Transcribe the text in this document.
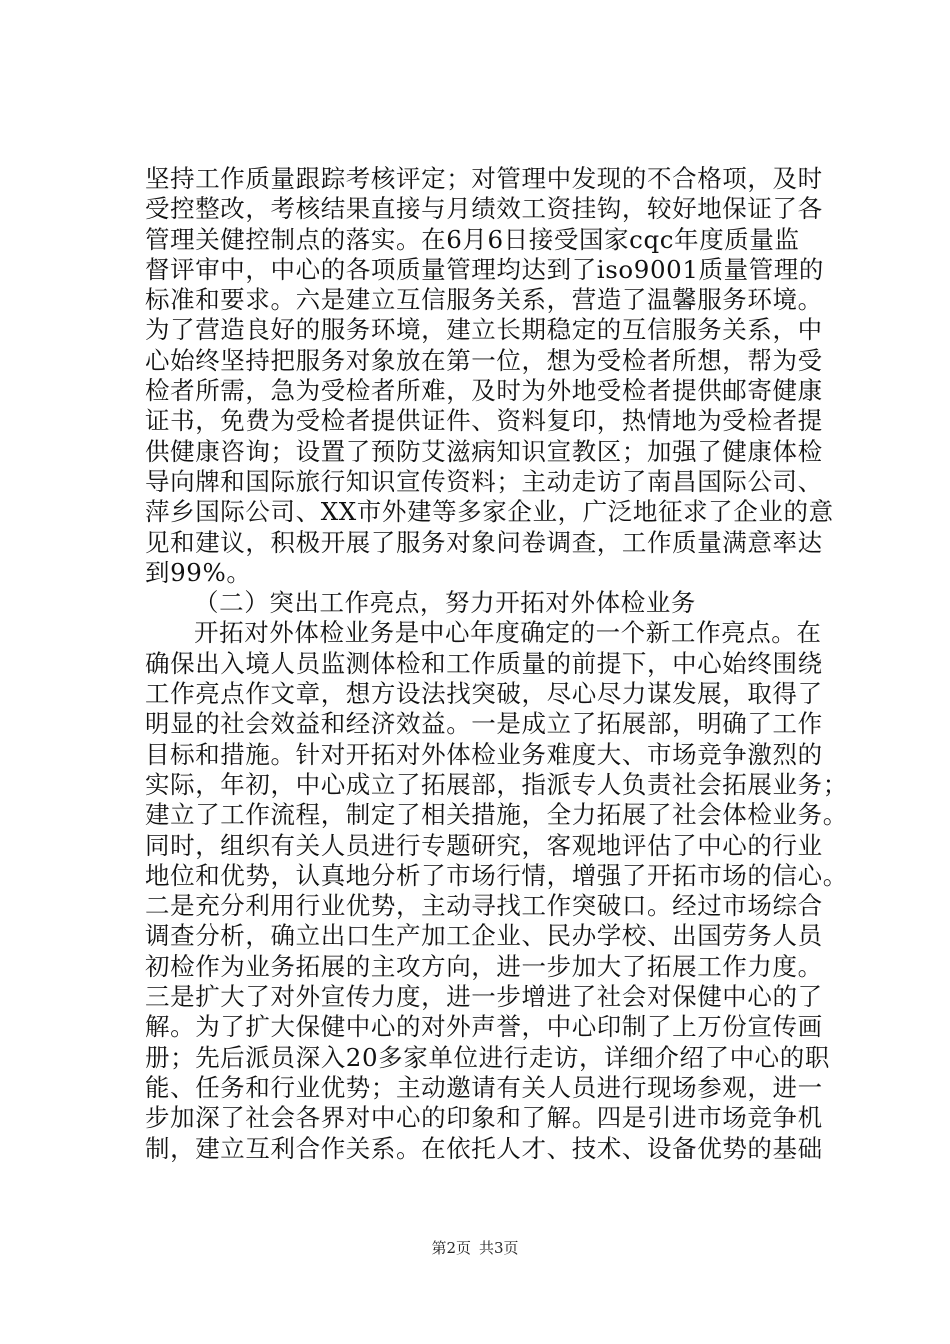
坚持工作质量跟踪考核评定；对管理中发现的不合格项，及时
受控整改，考核结果直接与月绩效工资挂钩，较好地保证了各
管理关健控制点的落实。在6月6日接受国家cqc年度质量监
督评审中，中心的各项质量管理均达到了iso9001质量管理的
标准和要求。六是建立互信服务关系，营造了温馨服务环境。
为了营造良好的服务环境，建立长期稳定的互信服务关系，中
心始终坚持把服务对象放在第一位，想为受检者所想，帮为受
检者所需，急为受检者所难，及时为外地受检者提供邮寄健康
证书，免费为受检者提供证件、资料复印，热情地为受检者提
供健康咨询；设置了预防艾滋病知识宣教区；加强了健康体检
导向牌和国际旅行知识宣传资料；主动走访了南昌国际公司、
萍乡国际公司、XX市外建等多家企业，广泛地征求了企业的意
见和建议，积极开展了服务对象问卷调查，工作质量满意率达
到99%。
（二）突出工作亮点，努力开拓对外体检业务
开拓对外体检业务是中心年度确定的一个新工作亮点。在
确保出入境人员监测体检和工作质量的前提下，中心始终围绕
工作亮点作文章，想方设法找突破，尽心尽力谋发展，取得了
明显的社会效益和经济效益。一是成立了拓展部，明确了工作
目标和措施。针对开拓对外体检业务难度大、市场竞争激烈的
实际，年初，中心成立了拓展部，指派专人负责社会拓展业务；
建立了工作流程，制定了相关措施，全力拓展了社会体检业务。
同时，组织有关人员进行专题研究，客观地评估了中心的行业
地位和优势，认真地分析了市场行情，增强了开拓市场的信心。
二是充分利用行业优势，主动寻找工作突破口。经过市场综合
调查分析，确立出口生产加工企业、民办学校、出国劳务人员
初检作为业务拓展的主攻方向，进一步加大了拓展工作力度。
三是扩大了对外宣传力度，进一步增进了社会对保健中心的了
解。为了扩大保健中心的对外声誉，中心印制了上万份宣传画
册；先后派员深入20多家单位进行走访，详细介绍了中心的职
能、任务和行业优势；主动邀请有关人员进行现场参观，进一
步加深了社会各界对中心的印象和了解。四是引进市场竞争机
制，建立互利合作关系。在依托人才、技术、设备优势的基础
第2页 共3页
